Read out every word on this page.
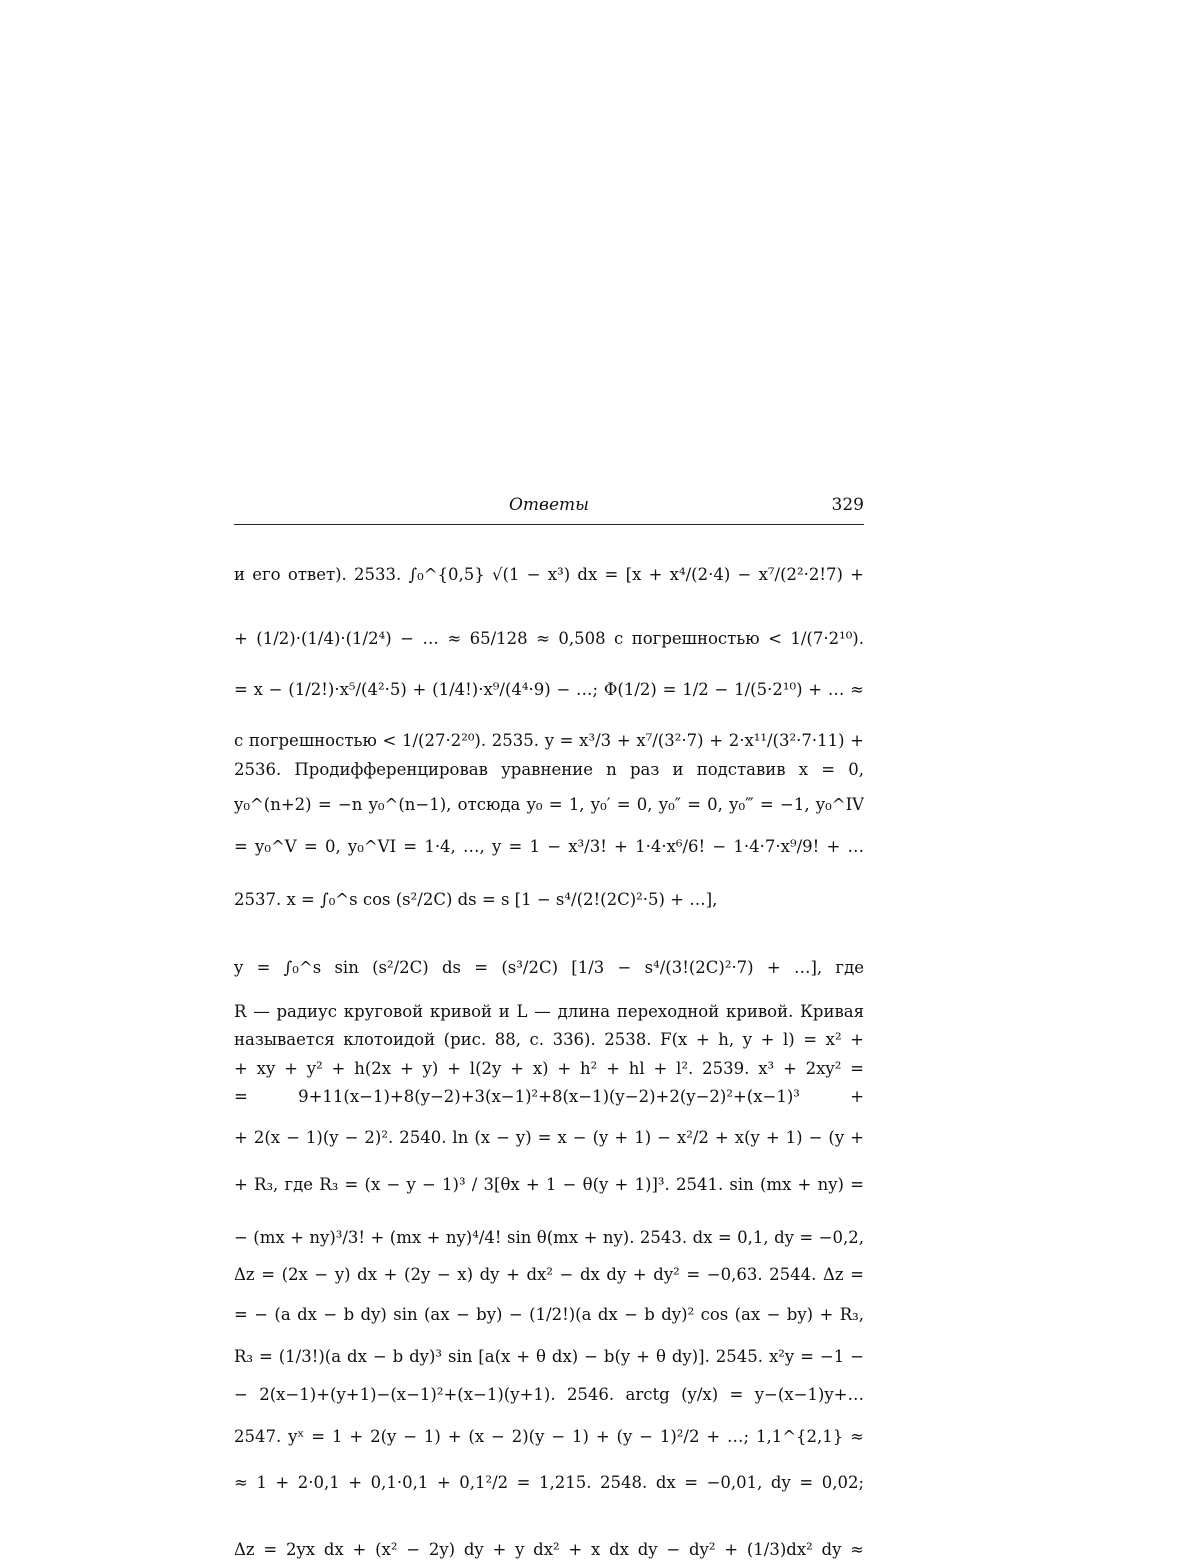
Ответы	329
и его ответ). 2533. ∫₀^{0,5} √(1 − x³) dx = [x + x⁴/(2·4) − x⁷/(2²·2!7) +
+ (1/2)·(1/4)·(1/2⁴) − … ≈ 65/128 ≈ 0,508 с погрешностью < 1/(7·2¹⁰).
= x − (1/2!)·x⁵/(4²·5) + (1/4!)·x⁹/(4⁴·9) − …; Φ(1/2) = 1/2 − 1/(5·2¹⁰) + … ≈
с погрешностью < 1/(27·2²⁰). 2535. y = x³/3 + x⁷/(3²·7) + 2·x¹¹/(3²·7·11) +
2536. Продифференцировав уравнение n раз и подставив x = 0,
y₀^(n+2) = −n y₀^(n−1), отсюда y₀ = 1, y₀′ = 0, y₀″ = 0, y₀‴ = −1, y₀^IV
= y₀^V = 0, y₀^VI = 1·4, …, y = 1 − x³/3! + 1·4·x⁶/6! − 1·4·7·x⁹/9! + …
2537. x = ∫₀^s cos (s²/2C) ds = s [1 − s⁴/(2!(2C)²·5) + …],
y = ∫₀^s sin (s²/2C) ds = (s³/2C) [1/3 − s⁴/(3!(2C)²·7) + …], где
R — радиус круговой кривой и L — длина переходной кривой. Кривая
называется клотоидой (рис. 88, с. 336). 2538. F(x + h, y + l) = x² +
+ xy + y² + h(2x + y) + l(2y + x) + h² + hl + l². 2539. x³ + 2xy² =
= 9+11(x−1)+8(y−2)+3(x−1)²+8(x−1)(y−2)+2(y−2)²+(x−1)³ +
+ 2(x − 1)(y − 2)². 2540. ln (x − y) = x − (y + 1) − x²/2 + x(y + 1) − (y +
+ R₃, где R₃ = (x − y − 1)³ / 3[θx + 1 − θ(y + 1)]³. 2541. sin (mx + ny) =
− (mx + ny)³/3! + (mx + ny)⁴/4! sin θ(mx + ny). 2543. dx = 0,1, dy = −0,2,
Δz = (2x − y) dx + (2y − x) dy + dx² − dx dy + dy² = −0,63. 2544. Δz =
= − (a dx − b dy) sin (ax − by) − (1/2!)(a dx − b dy)² cos (ax − by) + R₃,
R₃ = (1/3!)(a dx − b dy)³ sin [a(x + θ dx) − b(y + θ dy)]. 2545. x²y = −1 −
− 2(x−1)+(y+1)−(x−1)²+(x−1)(y+1). 2546. arctg (y/x) = y−(x−1)y+…
2547. yˣ = 1 + 2(y − 1) + (x − 2)(y − 1) + (y − 1)²/2 + …; 1,1^{2,1} ≈
≈ 1 + 2·0,1 + 0,1·0,1 + 0,1²/2 = 1,215. 2548. dx = −0,01, dy = 0,02;
Δz = 2yx dx + (x² − 2y) dy + y dx² + x dx dy − dy² + (1/3)dx² dy ≈
